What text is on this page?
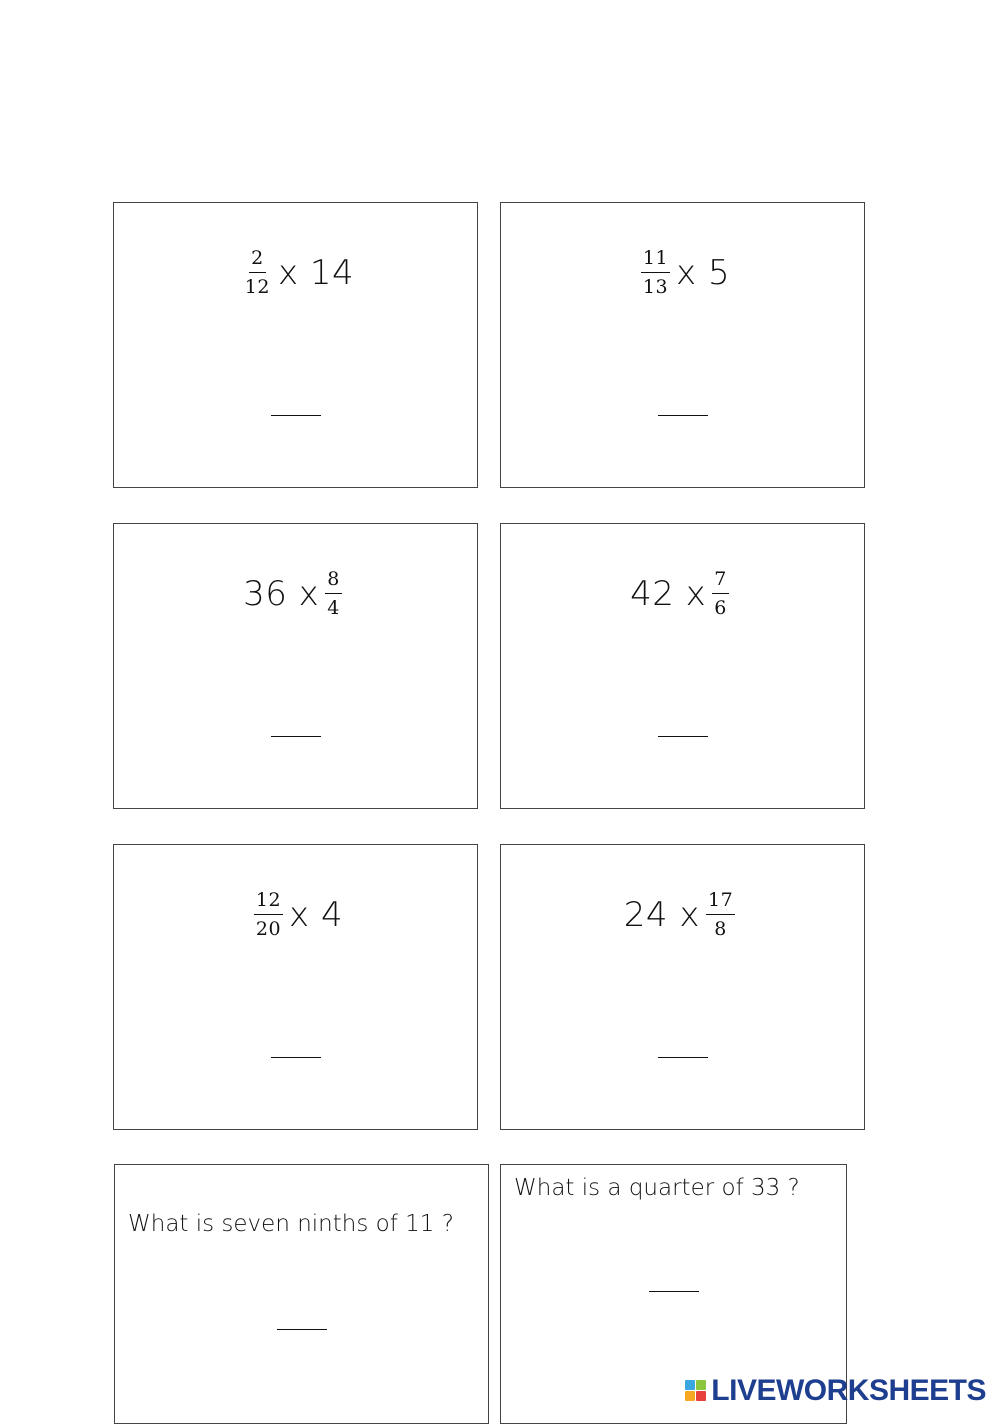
$\frac{2}{12}$ x
14	$\frac{11}{13}$ x
5
36
x $\frac{8}{4}$	42
x $\frac{7}{6}$
$\frac{12}{20}$ x
4	24
x $\frac{17}{8}$
What is seven ninths of 11 ?
What is a quarter of 33 ?
LIVEWORKSHEETS
